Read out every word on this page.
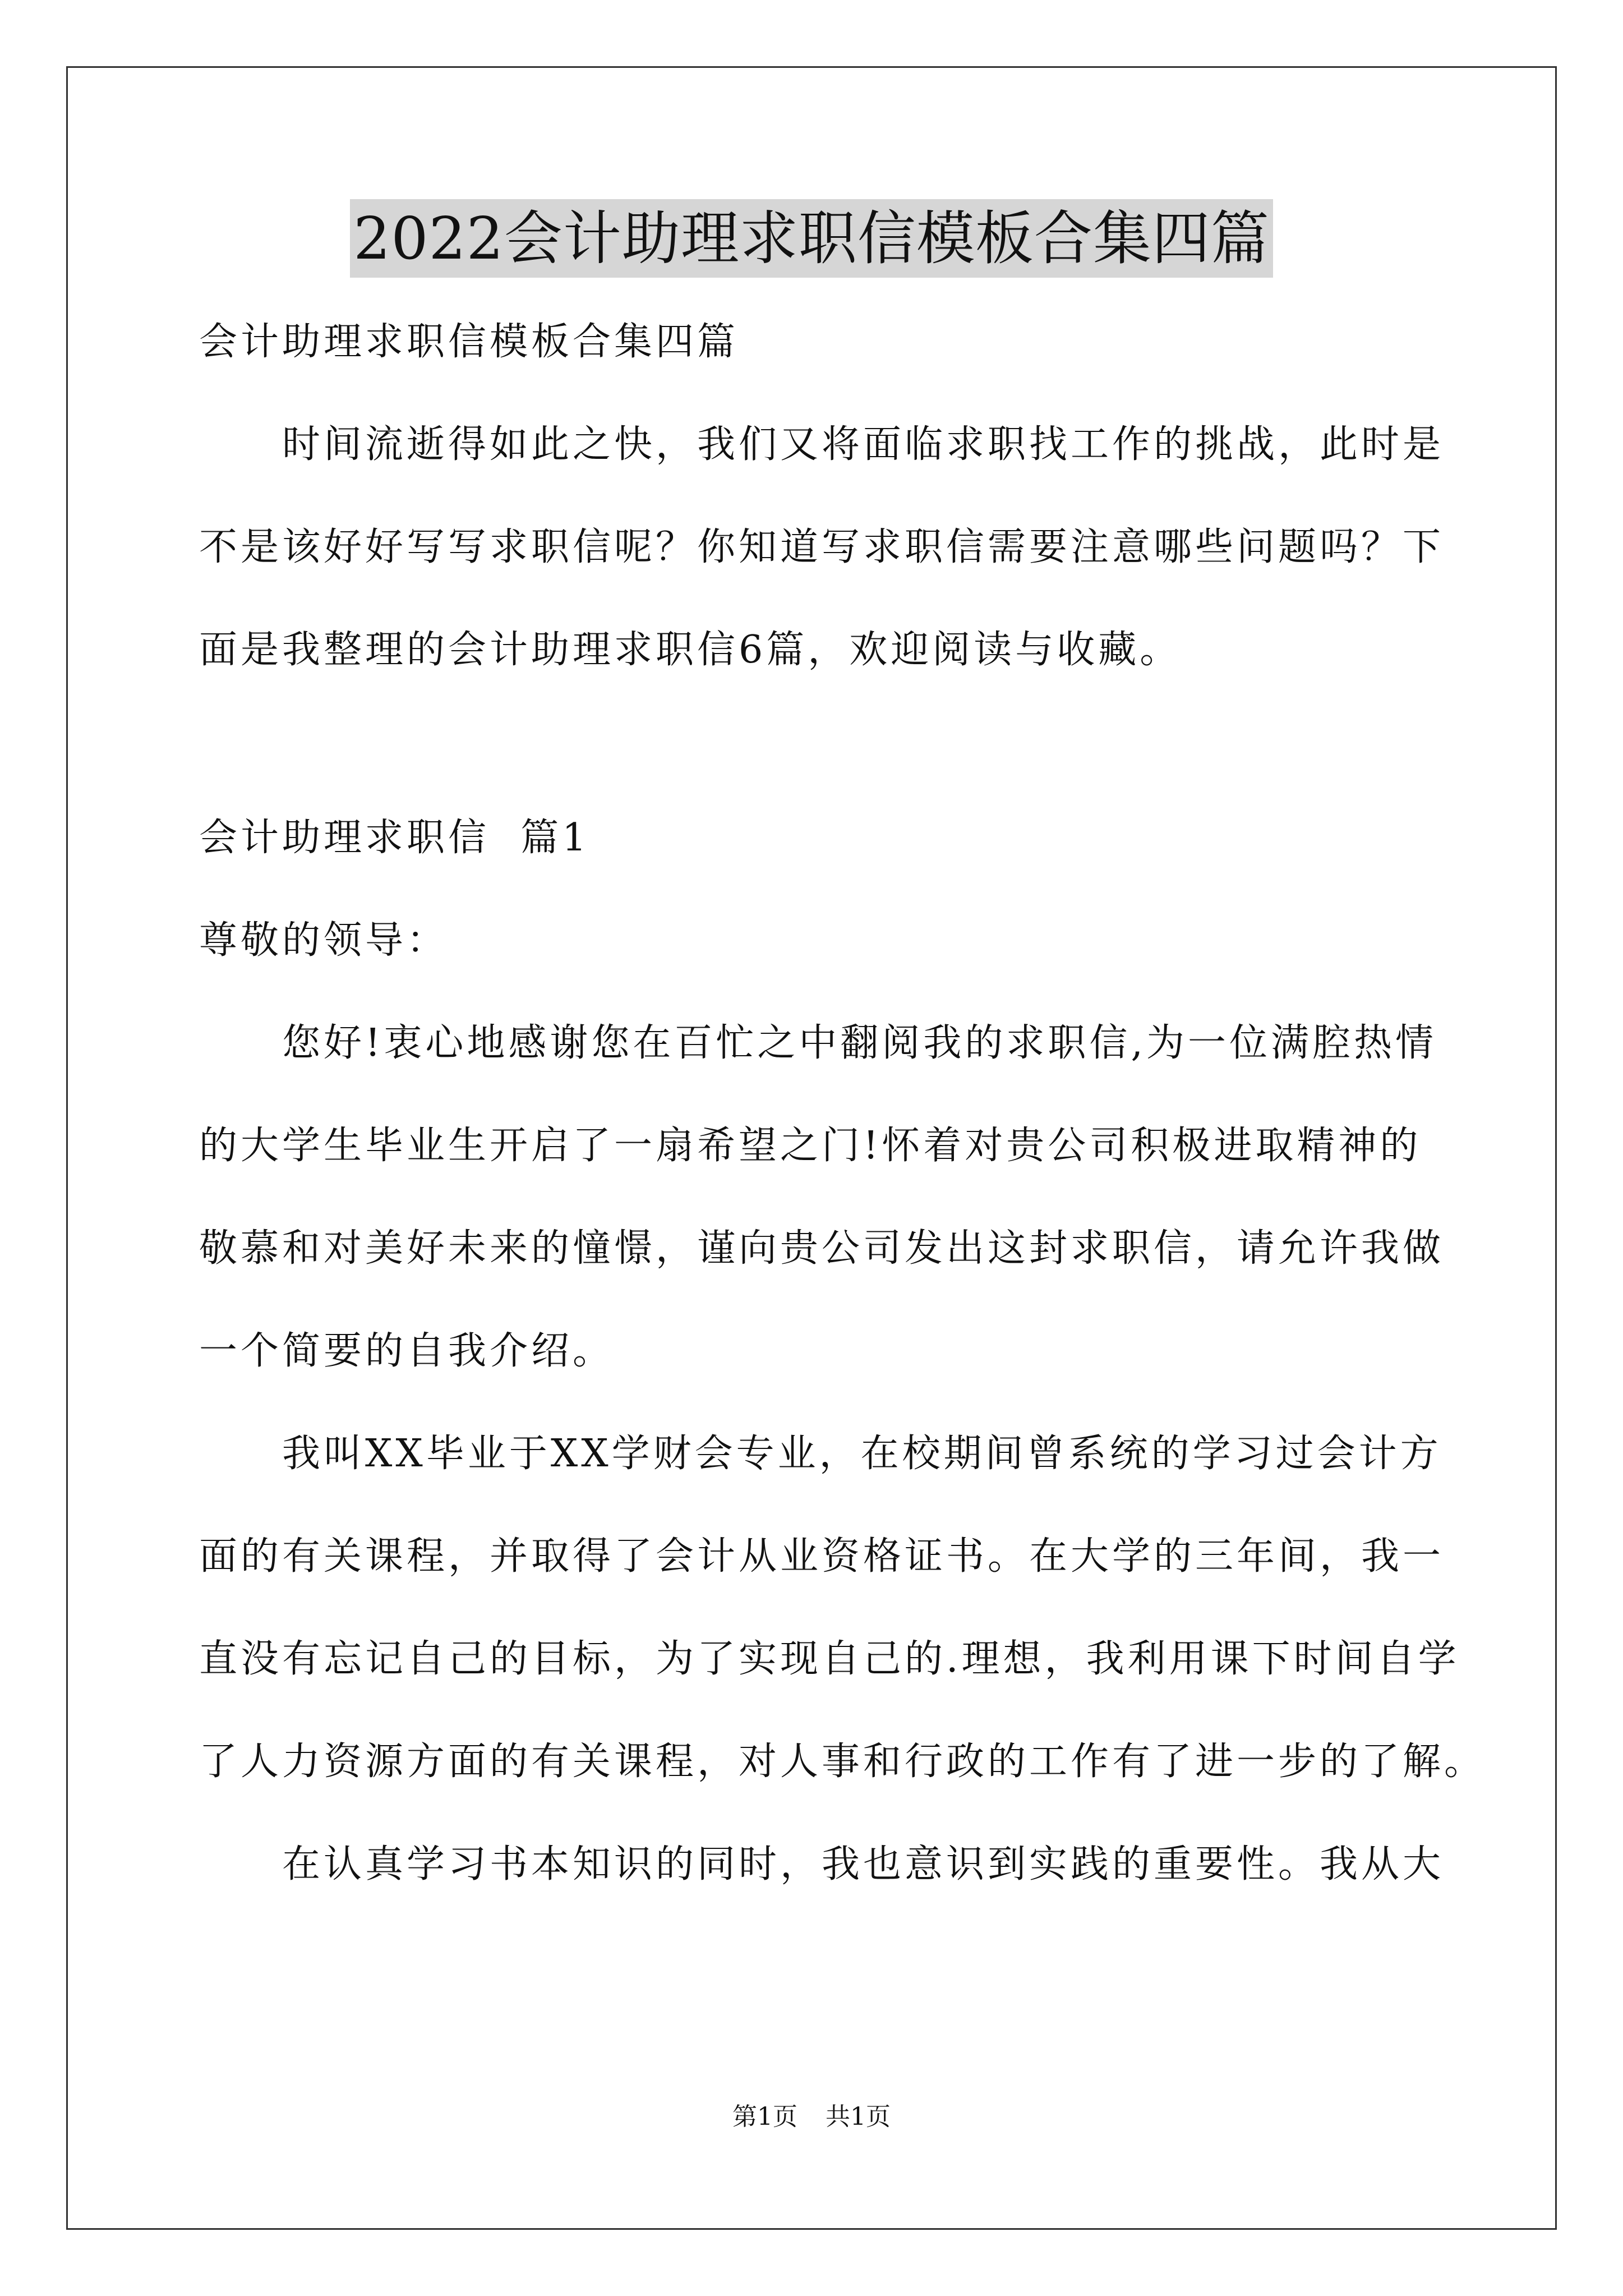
2022会计助理求职信模板合集四篇

会计助理求职信模板合集四篇

时间流逝得如此之快，我们又将面临求职找工作的挑战，此时是
不是该好好写写求职信呢？你知道写求职信需要注意哪些问题吗？下
面是我整理的会计助理求职信6篇，欢迎阅读与收藏。

会计助理求职信  篇1

尊敬的领导：

您好!衷心地感谢您在百忙之中翻阅我的求职信,为一位满腔热情
的大学生毕业生开启了一扇希望之门!怀着对贵公司积极进取精神的
敬慕和对美好未来的憧憬，谨向贵公司发出这封求职信，请允许我做
一个简要的自我介绍。
我叫XX毕业于XX学财会专业，在校期间曾系统的学习过会计方
面的有关课程，并取得了会计从业资格证书。在大学的三年间，我一
直没有忘记自己的目标，为了实现自己的.理想，我利用课下时间自学
了人力资源方面的有关课程，对人事和行政的工作有了进一步的了解。
在认真学习书本知识的同时，我也意识到实践的重要性。我从大
第1页 共1页
